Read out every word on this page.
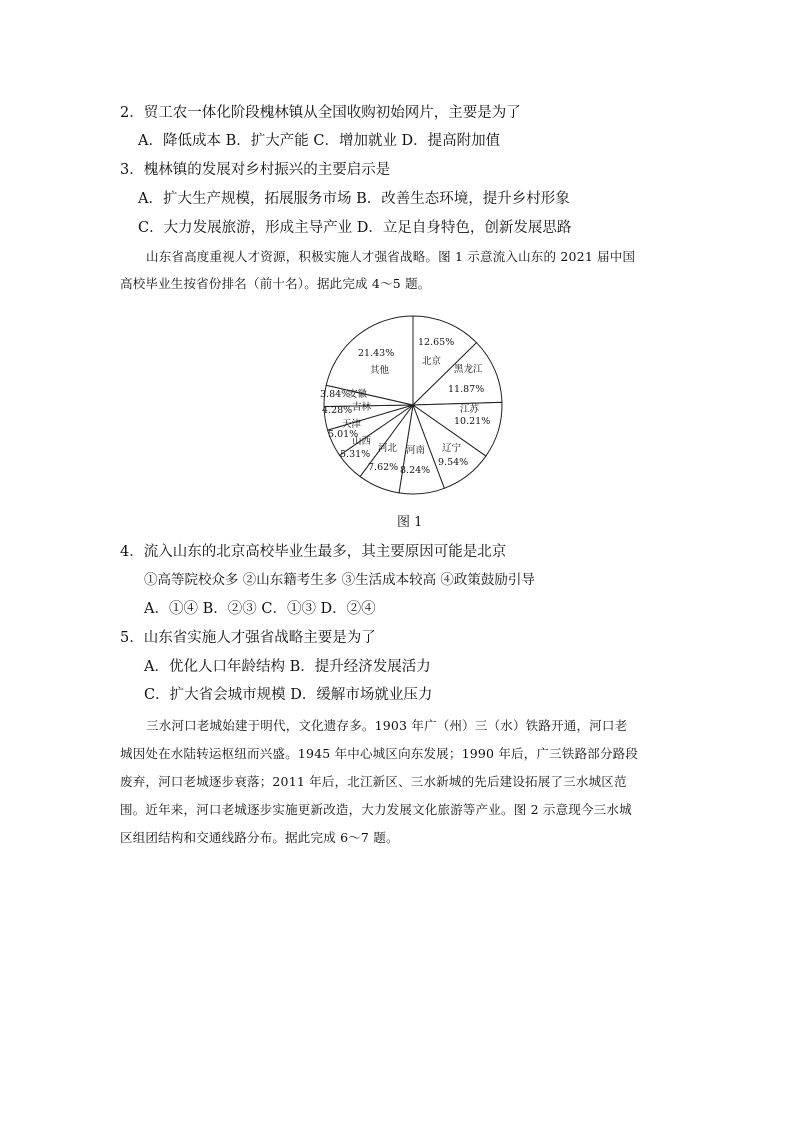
2．贸工农一体化阶段槐林镇从全国收购初始网片，主要是为了
A．降低成本 B．扩大产能 C．增加就业 D．提高附加值
3．槐林镇的发展对乡村振兴的主要启示是
A．扩大生产规模，拓展服务市场 B．改善生态环境，提升乡村形象
C．大力发展旅游，形成主导产业 D．立足自身特色，创新发展思路
山东省高度重视人才资源，积极实施人才强省战略。图 1 示意流入山东的 2021 届中国
高校毕业生按省份排名（前十名）。据此完成 4～5 题。
12.65%
北京
黑龙江
11.87%
江苏
10.21%
辽宁
9.54%
河南
8.24%
河北
7.62%
山西
5.31%
天津
5.01%
吉林
4.28%
3.84%
安徽
21.43%
其他
图 1
4．流入山东的北京高校毕业生最多，其主要原因可能是北京
①高等院校众多 ②山东籍考生多 ③生活成本较高 ④政策鼓励引导
A．①④ B．②③ C．①③ D．②④
5．山东省实施人才强省战略主要是为了
A．优化人口年龄结构 B．提升经济发展活力
C．扩大省会城市规模 D．缓解市场就业压力
三水河口老城始建于明代，文化遗存多。1903 年广（州）三（水）铁路开通，河口老
城因处在水陆转运枢纽而兴盛。1945 年中心城区向东发展；1990 年后，广三铁路部分路段
废弃，河口老城逐步衰落；2011 年后，北江新区、三水新城的先后建设拓展了三水城区范
围。近年来，河口老城逐步实施更新改造，大力发展文化旅游等产业。图 2 示意现今三水城
区组团结构和交通线路分布。据此完成 6～7 题。
